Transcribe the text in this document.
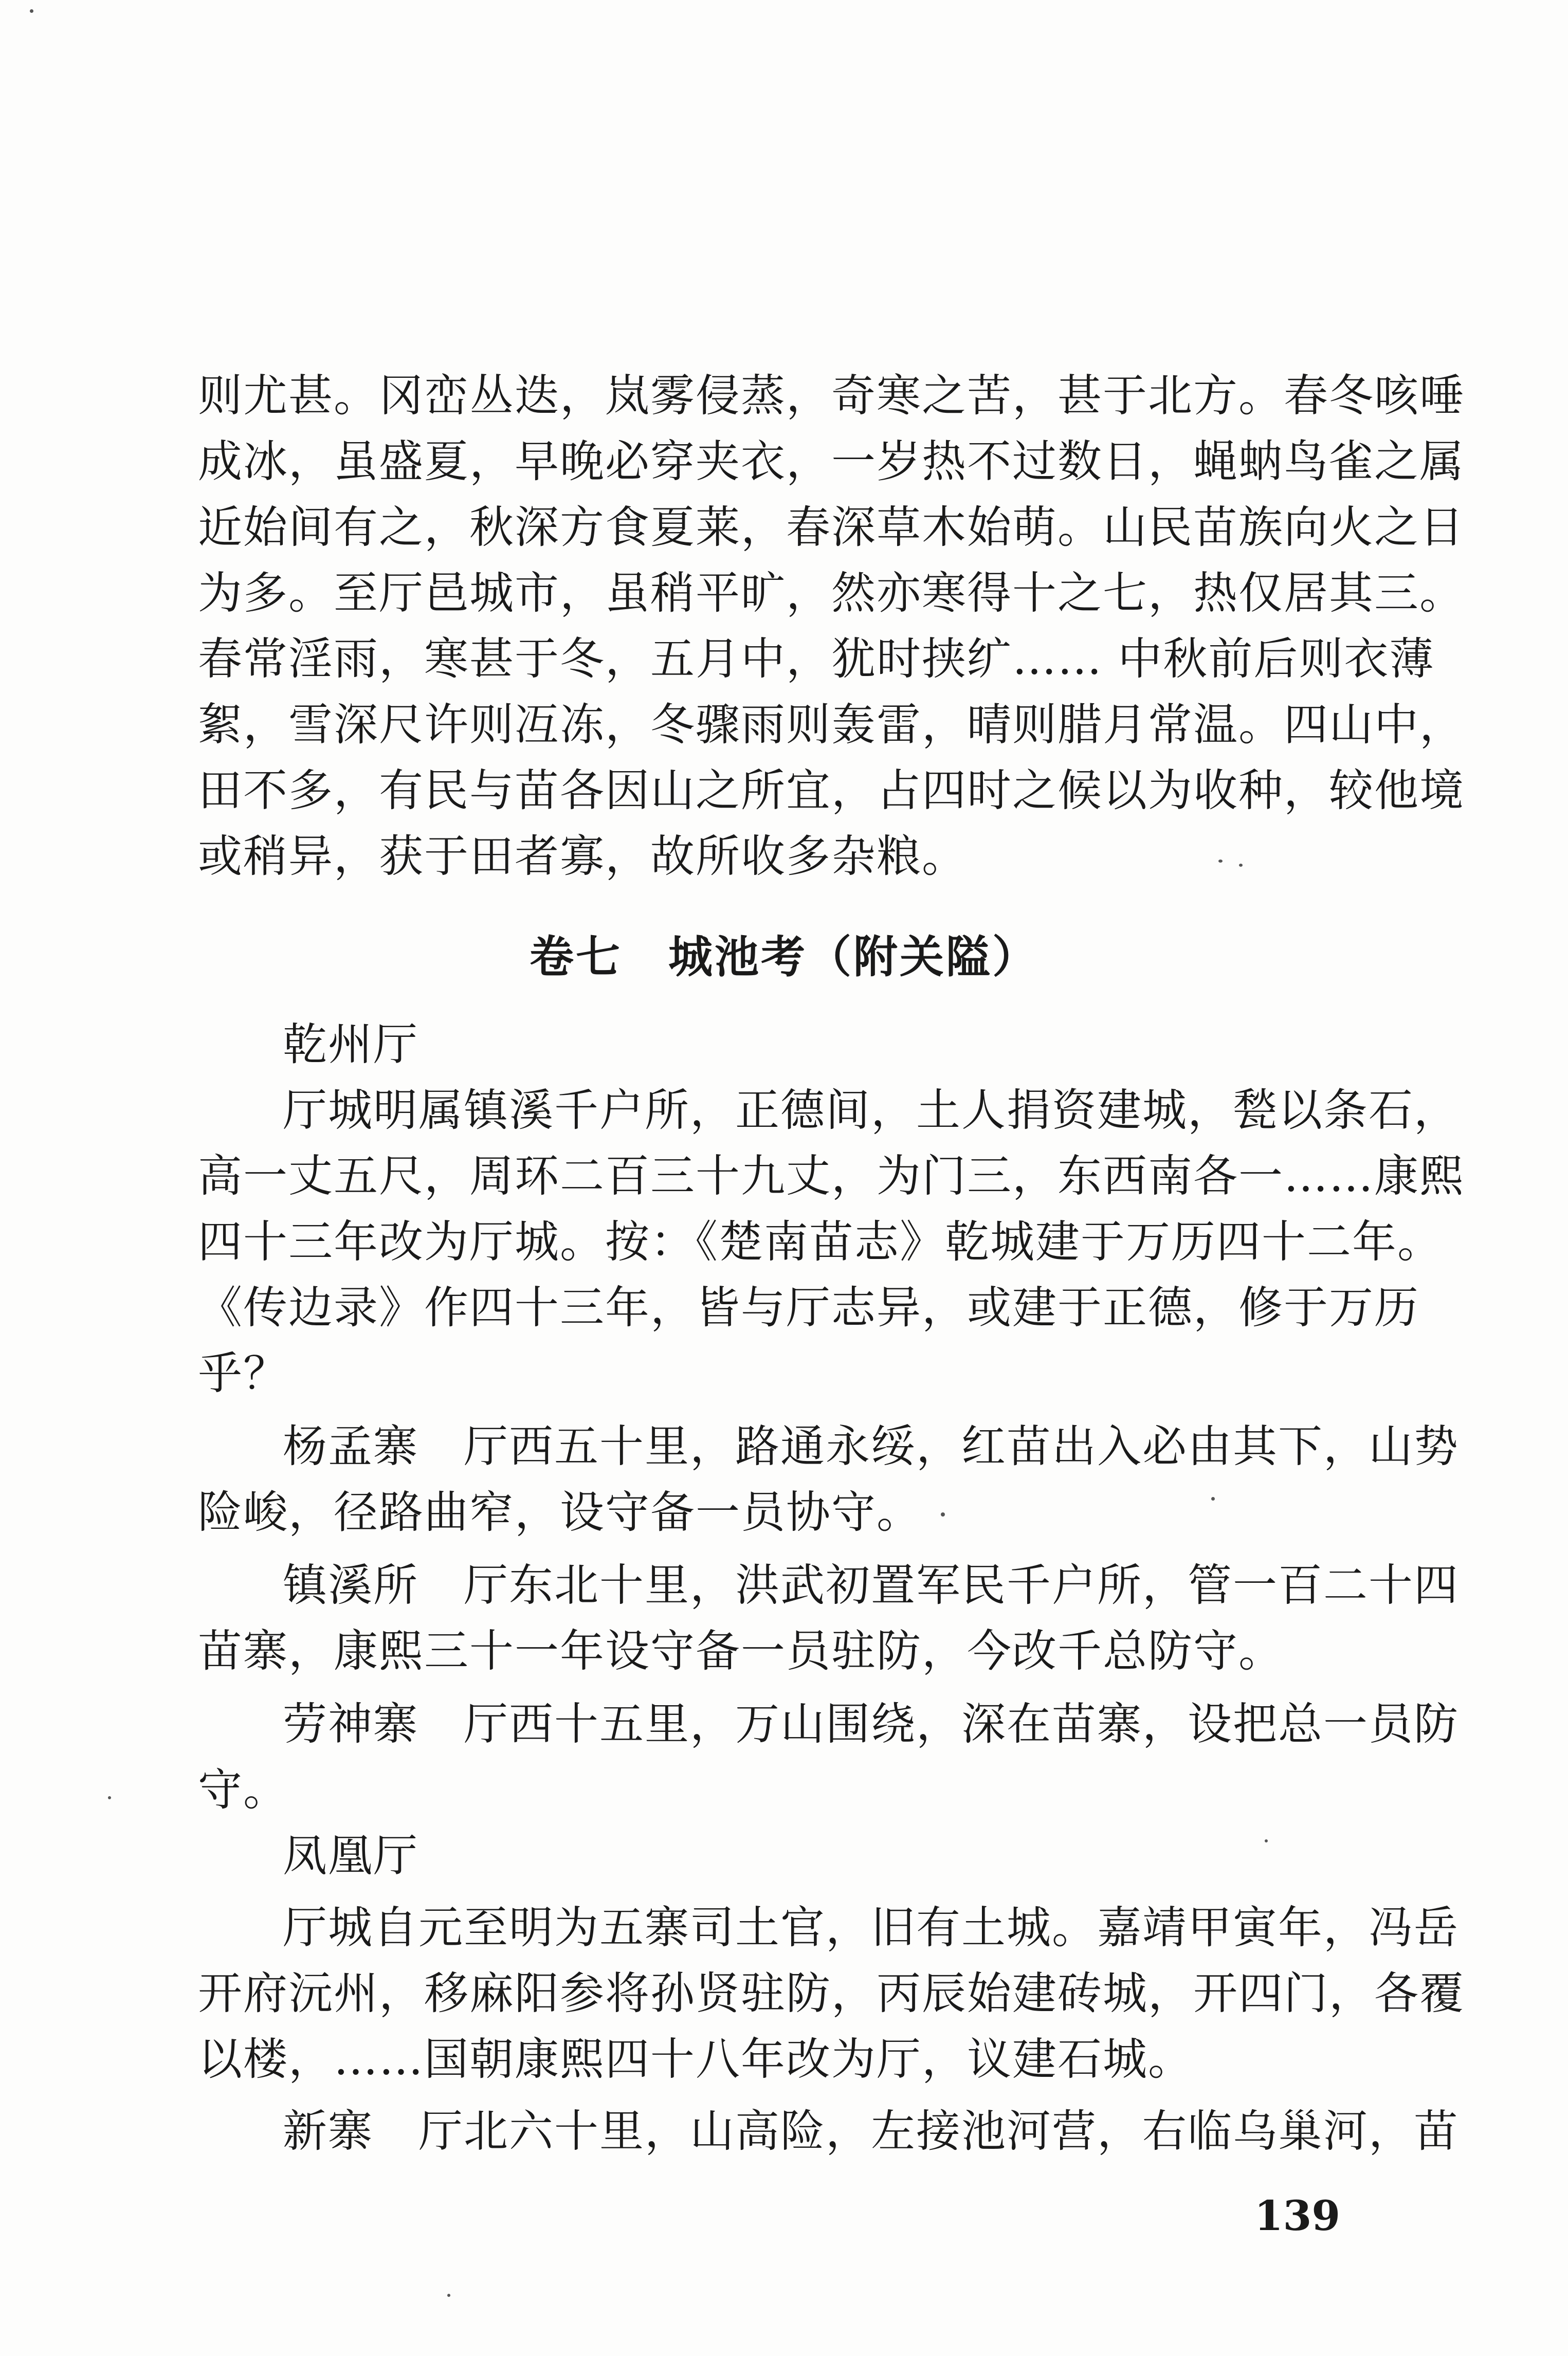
则尤甚。冈峦丛迭，岚雾侵蒸，奇寒之苦，甚于北方。春冬咳唾
成冰，虽盛夏，早晚必穿夹衣，一岁热不过数日，蝇蚋鸟雀之属
近始间有之，秋深方食夏莱，春深草木始萌。山民苗族向火之日
为多。至厅邑城市，虽稍平旷，然亦寒得十之七，热仅居其三。
春常淫雨，寒甚于冬，五月中，犹时挟纩…… 中秋前后则衣薄
絮，雪深尺许则冱冻，冬骤雨则轰雷，晴则腊月常温。四山中，
田不多，有民与苗各因山之所宜，占四时之候以为收种，较他境
或稍异，获于田者寡，故所收多杂粮。
卷七　城池考（附关隘）
乾州厅
厅城明属镇溪千户所，正德间，土人捐资建城，甃以条石，
高一丈五尺，周环二百三十九丈，为门三，东西南各一……康熙
四十三年改为厅城。按：《楚南苗志》乾城建于万历四十二年。
《传边录》作四十三年，皆与厅志异，或建于正德，修于万历
乎？
杨孟寨　厅西五十里，路通永绥，红苗出入必由其下，山势
险峻，径路曲窄，设守备一员协守。
镇溪所　厅东北十里，洪武初置军民千户所，管一百二十四
苗寨，康熙三十一年设守备一员驻防，今改千总防守。
劳神寨　厅西十五里，万山围绕，深在苗寨，设把总一员防
守。
凤凰厅
厅城自元至明为五寨司土官，旧有土城。嘉靖甲寅年，冯岳
开府沅州，移麻阳参将孙贤驻防，丙辰始建砖城，开四门，各覆
以楼，……国朝康熙四十八年改为厅，议建石城。
新寨　厅北六十里，山高险，左接池河营，右临乌巢河，苗
139
